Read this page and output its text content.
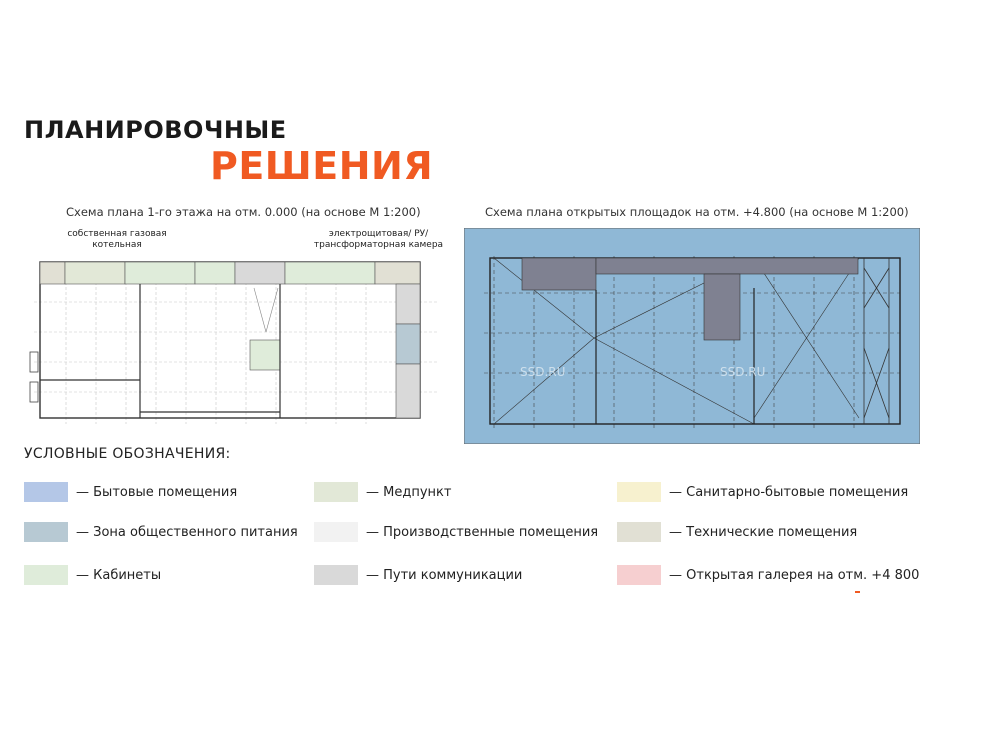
ПЛАНИРОВОЧНЫЕ
РЕШЕНИЯ
Схема плана 1-го этажа на отм. 0.000 (на основе М 1:200)	Схема плана открытых площадок на отм. +4.800 (на основе М 1:200)
собственная газовая котельная
электрощитовая/ РУ/ трансформаторная камера
SSD.RU	SSD.RU
УСЛОВНЫЕ ОБОЗНАЧЕНИЯ:
— Бытовые помещения
— Зона общественного питания
— Кабинеты
— Медпункт
— Производственные помещения
— Пути коммуникации
— Санитарно-бытовые помещения
— Технические помещения
— Открытая галерея на отм. +4 800
